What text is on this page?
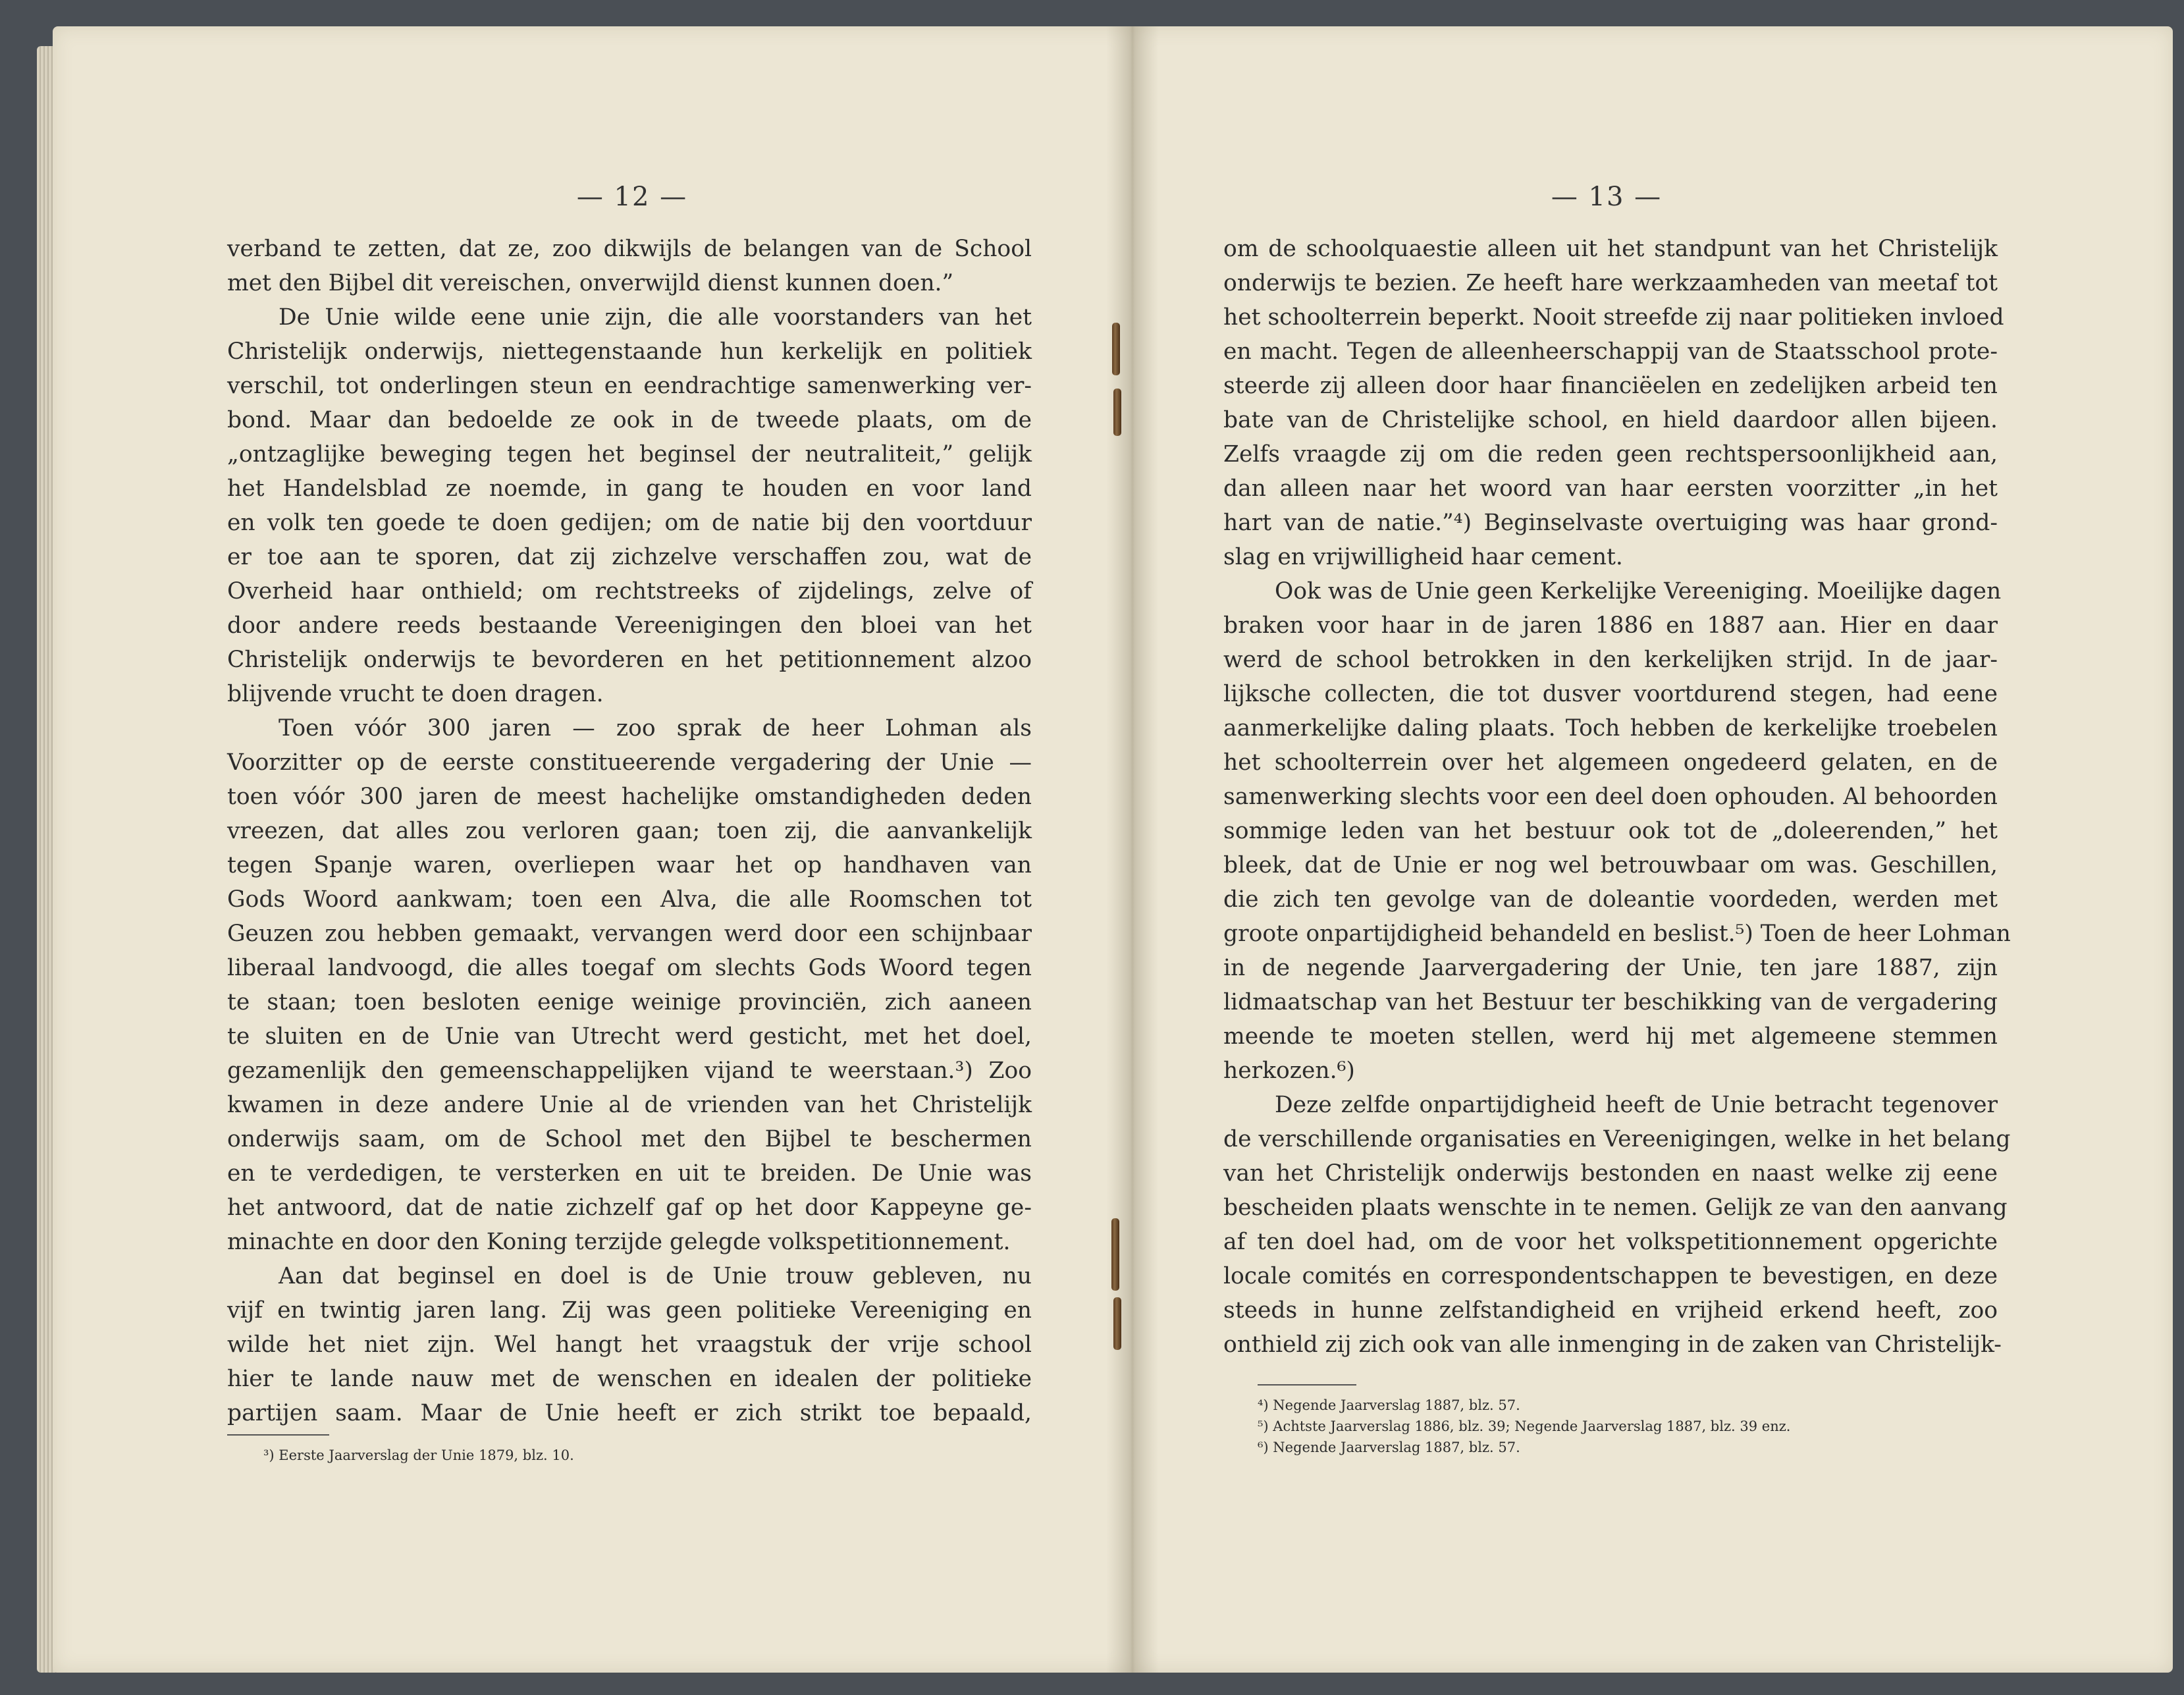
— 12 —
verband te zetten, dat ze, zoo dikwijls de belangen van de School
met den Bijbel dit vereischen, onverwijld dienst kunnen doen.”
De Unie wilde eene unie zijn, die alle voorstanders van het
Christelijk onderwijs, niettegenstaande hun kerkelijk en politiek
verschil, tot onderlingen steun en eendrachtige samenwerking ver-
bond. Maar dan bedoelde ze ook in de tweede plaats, om de
„ontzaglijke beweging tegen het beginsel der neutraliteit,” gelijk
het Handelsblad ze noemde, in gang te houden en voor land
en volk ten goede te doen gedijen; om de natie bij den voortduur
er toe aan te sporen, dat zij zichzelve verschaffen zou, wat de
Overheid haar onthield; om rechtstreeks of zijdelings, zelve of
door andere reeds bestaande Vereenigingen den bloei van het
Christelijk onderwijs te bevorderen en het petitionnement alzoo
blijvende vrucht te doen dragen.
Toen vóór 300 jaren — zoo sprak de heer Lohman als
Voorzitter op de eerste constitueerende vergadering der Unie —
toen vóór 300 jaren de meest hachelijke omstandigheden deden
vreezen, dat alles zou verloren gaan; toen zij, die aanvankelijk
tegen Spanje waren, overliepen waar het op handhaven van
Gods Woord aankwam; toen een Alva, die alle Roomschen tot
Geuzen zou hebben gemaakt, vervangen werd door een schijnbaar
liberaal landvoogd, die alles toegaf om slechts Gods Woord tegen
te staan; toen besloten eenige weinige provinciën, zich aaneen
te sluiten en de Unie van Utrecht werd gesticht, met het doel,
gezamenlijk den gemeenschappelijken vijand te weerstaan.³) Zoo
kwamen in deze andere Unie al de vrienden van het Christelijk
onderwijs saam, om de School met den Bijbel te beschermen
en te verdedigen, te versterken en uit te breiden. De Unie was
het antwoord, dat de natie zichzelf gaf op het door Kappeyne ge-
minachte en door den Koning terzijde gelegde volkspetitionnement.
Aan dat beginsel en doel is de Unie trouw gebleven, nu
vijf en twintig jaren lang. Zij was geen politieke Vereeniging en
wilde het niet zijn. Wel hangt het vraagstuk der vrije school
hier te lande nauw met de wenschen en idealen der politieke
partijen saam. Maar de Unie heeft er zich strikt toe bepaald,
³) Eerste Jaarverslag der Unie 1879, blz. 10.
— 13 —
om de schoolquaestie alleen uit het standpunt van het Christelijk
onderwijs te bezien. Ze heeft hare werkzaamheden van meetaf tot
het schoolterrein beperkt. Nooit streefde zij naar politieken invloed
en macht. Tegen de alleenheerschappij van de Staatsschool prote-
steerde zij alleen door haar financiëelen en zedelijken arbeid ten
bate van de Christelijke school, en hield daardoor allen bijeen.
Zelfs vraagde zij om die reden geen rechtspersoonlijkheid aan,
dan alleen naar het woord van haar eersten voorzitter „in het
hart van de natie.”⁴) Beginselvaste overtuiging was haar grond-
slag en vrijwilligheid haar cement.
Ook was de Unie geen Kerkelijke Vereeniging. Moeilijke dagen
braken voor haar in de jaren 1886 en 1887 aan. Hier en daar
werd de school betrokken in den kerkelijken strijd. In de jaar-
lijksche collecten, die tot dusver voortdurend stegen, had eene
aanmerkelijke daling plaats. Toch hebben de kerkelijke troebelen
het schoolterrein over het algemeen ongedeerd gelaten, en de
samenwerking slechts voor een deel doen ophouden. Al behoorden
sommige leden van het bestuur ook tot de „doleerenden,” het
bleek, dat de Unie er nog wel betrouwbaar om was. Geschillen,
die zich ten gevolge van de doleantie voordeden, werden met
groote onpartijdigheid behandeld en beslist.⁵) Toen de heer Lohman
in de negende Jaarvergadering der Unie, ten jare 1887, zijn
lidmaatschap van het Bestuur ter beschikking van de vergadering
meende te moeten stellen, werd hij met algemeene stemmen
herkozen.⁶)
Deze zelfde onpartijdigheid heeft de Unie betracht tegenover
de verschillende organisaties en Vereenigingen, welke in het belang
van het Christelijk onderwijs bestonden en naast welke zij eene
bescheiden plaats wenschte in te nemen. Gelijk ze van den aanvang
af ten doel had, om de voor het volkspetitionnement opgerichte
locale comités en correspondentschappen te bevestigen, en deze
steeds in hunne zelfstandigheid en vrijheid erkend heeft, zoo
onthield zij zich ook van alle inmenging in de zaken van Christelijk-
⁴) Negende Jaarverslag 1887, blz. 57.
⁵) Achtste Jaarverslag 1886, blz. 39; Negende Jaarverslag 1887, blz. 39 enz.
⁶) Negende Jaarverslag 1887, blz. 57.
